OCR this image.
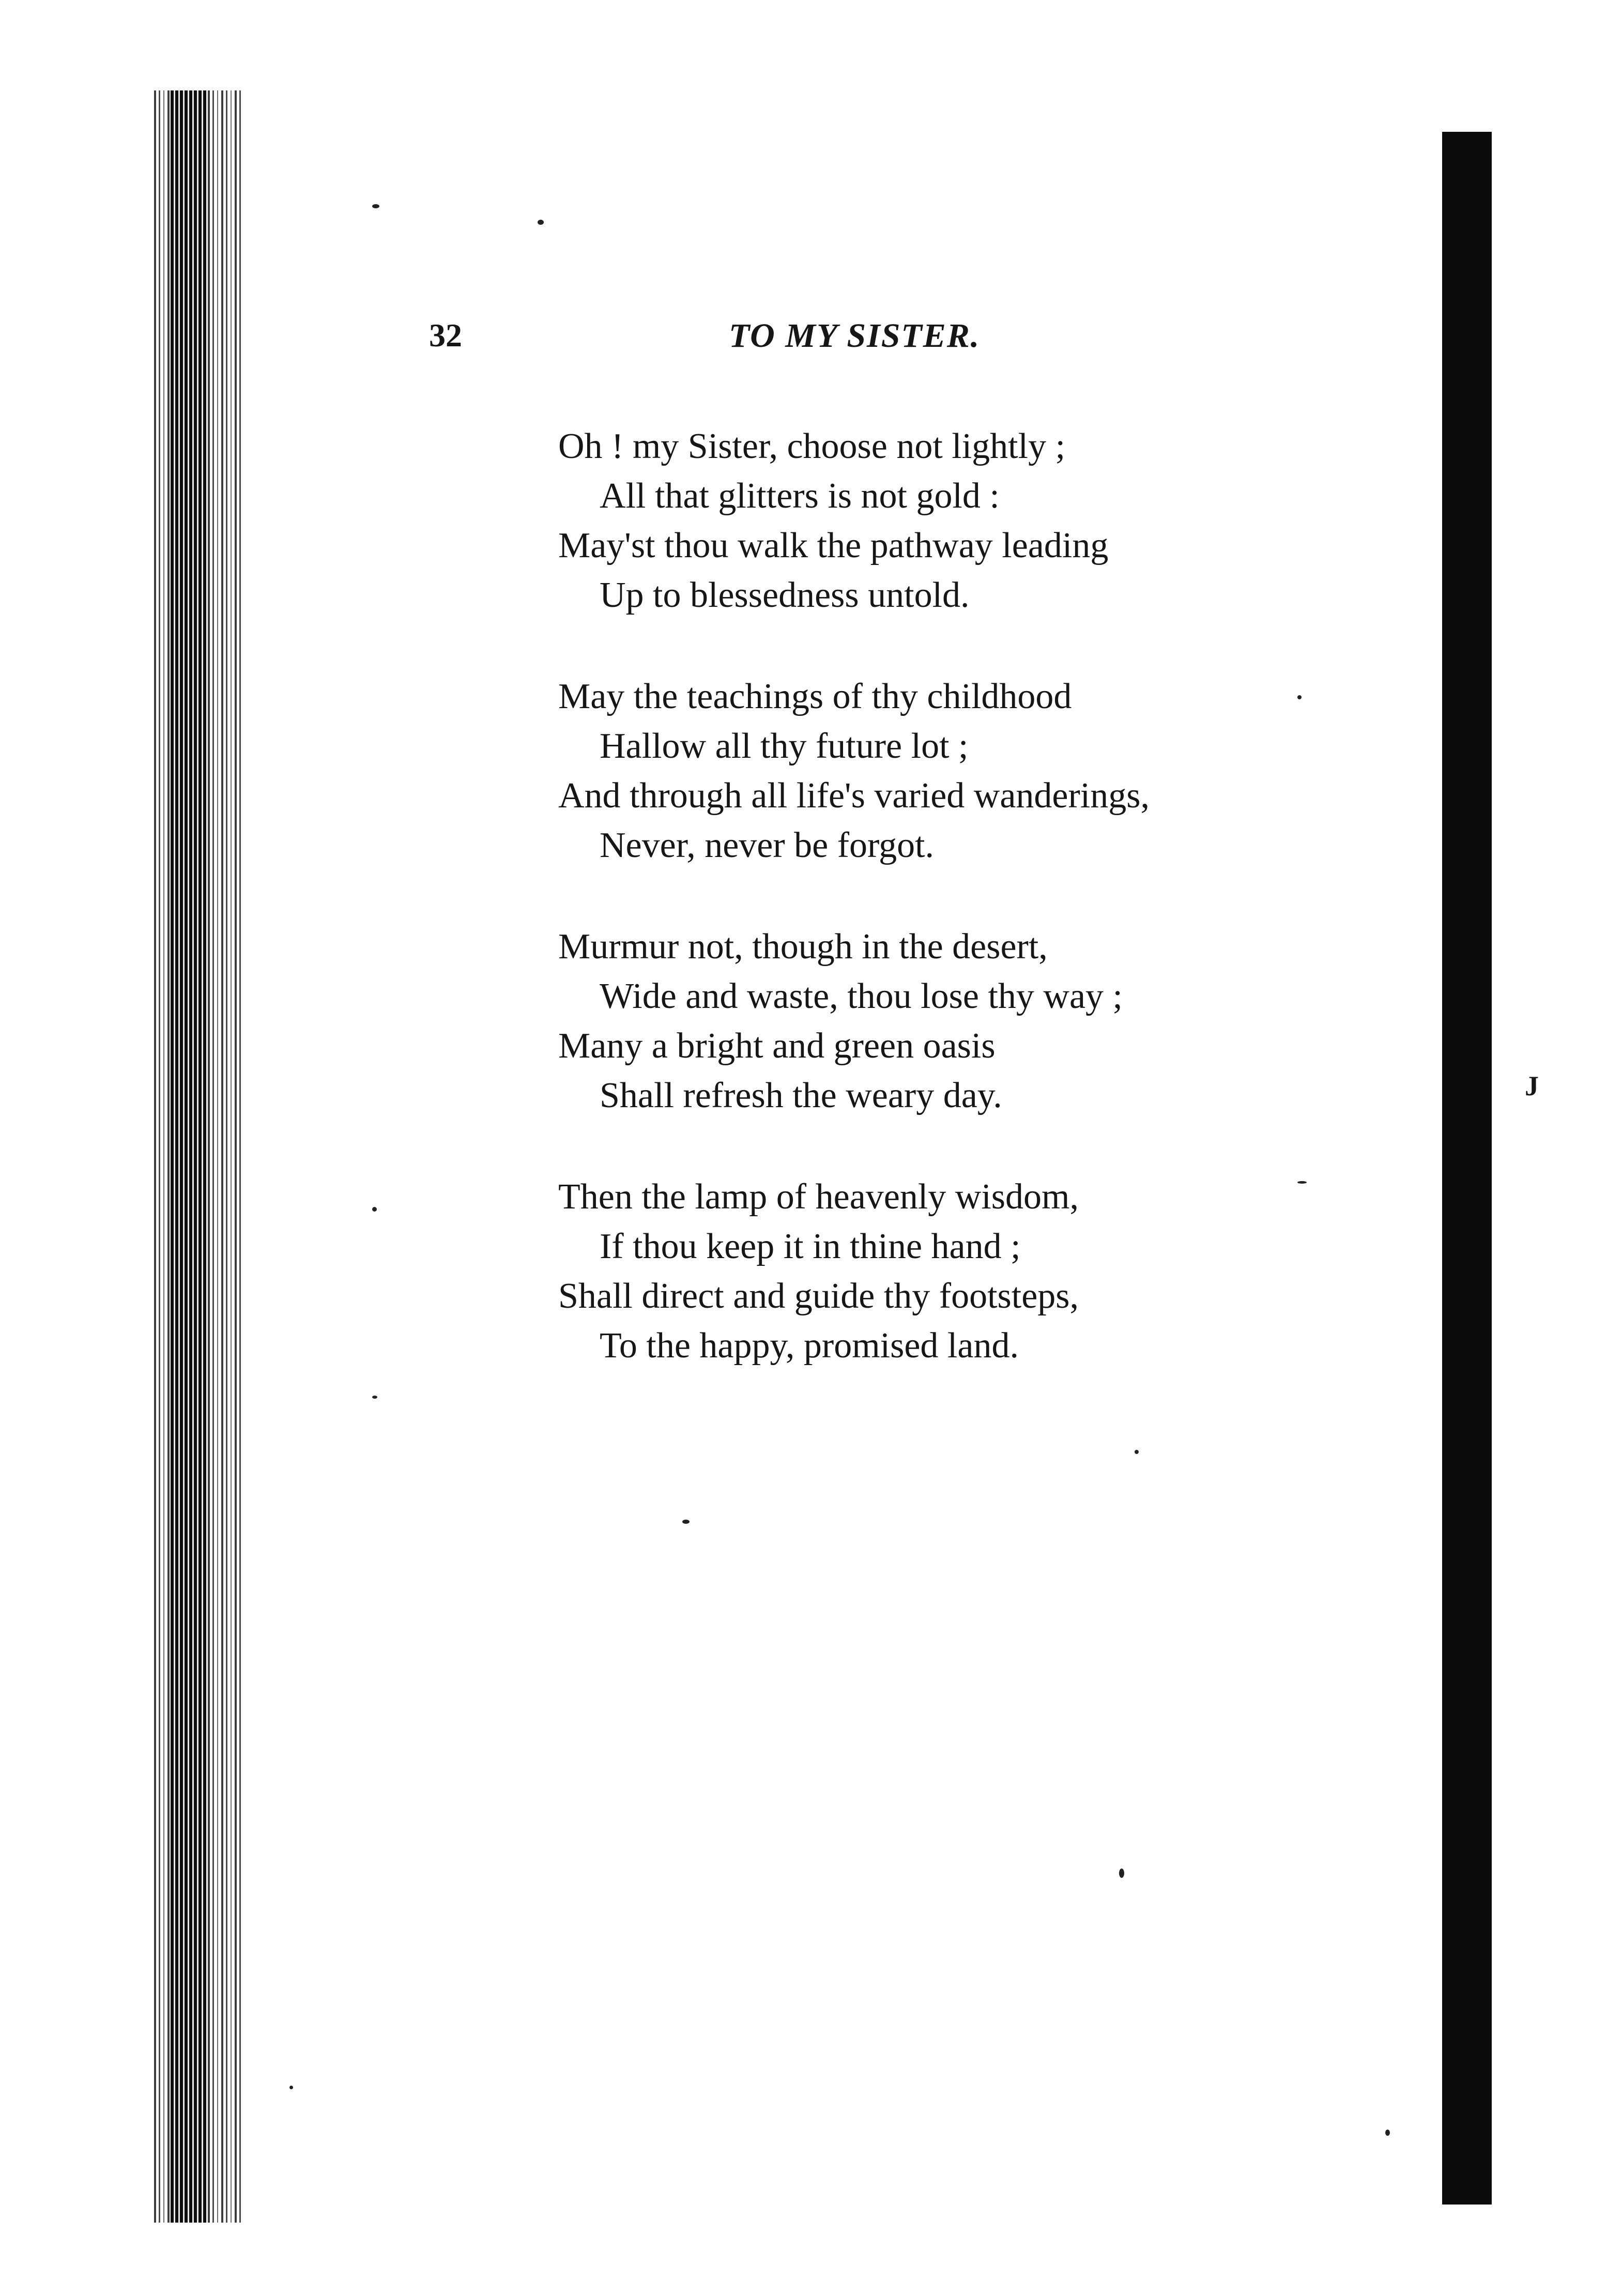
32	TO MY SISTER.
Oh ! my Sister, choose not lightly ;
All that glitters is not gold :
May'st thou walk the pathway leading
Up to blessedness untold.
May the teachings of thy childhood
Hallow all thy future lot ;
And through all life's varied wanderings,
Never, never be forgot.
Murmur not, though in the desert,
Wide and waste, thou lose thy way ;
Many a bright and green oasis
Shall refresh the weary day.
Then the lamp of heavenly wisdom,
If thou keep it in thine hand ;
Shall direct and guide thy footsteps,
To the happy, promised land.
J
